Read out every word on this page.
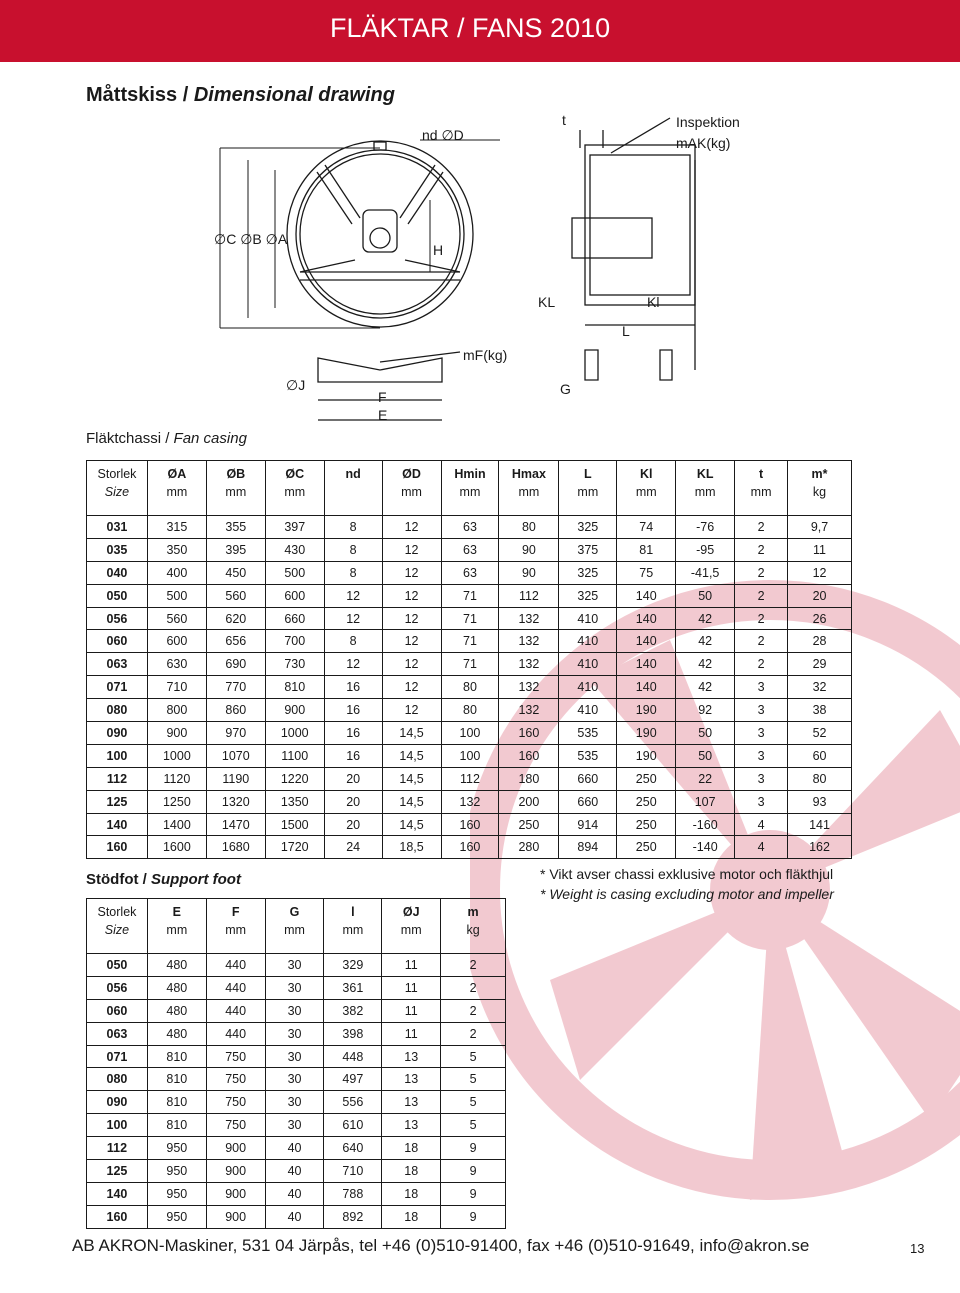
FLÄKTAR / FANS 2010
Måttskiss / Dimensional drawing
nd ∅D
t	Inspektion
mAK(kg)
∅C ∅B ∅A
H
KL	Kl
L
mF(kg)
∅J	G
F
E
Fläktchassi / Fan casing
Storlek	ØA	ØB	ØC	nd	ØD	Hmin	Hmax	L	Kl	KL	t	m*
Size	mm	mm	mm		mm	mm	mm	mm	mm	mm	mm	kg

031	315	355	397	8	12	63	80	325	74	-76	2	9,7
035	350	395	430	8	12	63	90	375	81	-95	2	11
040	400	450	500	8	12	63	90	325	75	-41,5	2	12
050	500	560	600	12	12	71	112	325	140	50	2	20
056	560	620	660	12	12	71	132	410	140	42	2	26
060	600	656	700	8	12	71	132	410	140	42	2	28
063	630	690	730	12	12	71	132	410	140	42	2	29
071	710	770	810	16	12	80	132	410	140	42	3	32
080	800	860	900	16	12	80	132	410	190	92	3	38
090	900	970	1000	16	14,5	100	160	535	190	50	3	52
100	1000	1070	1100	16	14,5	100	160	535	190	50	3	60
112	1120	1190	1220	20	14,5	112	180	660	250	22	3	80
125	1250	1320	1350	20	14,5	132	200	660	250	107	3	93
140	1400	1470	1500	20	14,5	160	250	914	250	-160	4	141
160	1600	1680	1720	24	18,5	160	280	894	250	-140	4	162
Stödfot / Support foot	* Vikt avser chassi exklusive motor och fläkthjul
* Weight is casing excluding motor and impeller
Storlek	E	F	G	l	ØJ	m
Size	mm	mm	mm	mm	mm	kg

050	480	440	30	329	11	2
056	480	440	30	361	11	2
060	480	440	30	382	11	2
063	480	440	30	398	11	2
071	810	750	30	448	13	5
080	810	750	30	497	13	5
090	810	750	30	556	13	5
100	810	750	30	610	13	5
112	950	900	40	640	18	9
125	950	900	40	710	18	9
140	950	900	40	788	18	9
160	950	900	40	892	18	9
AB AKRON-Maskiner, 531 04 Järpås, tel +46 (0)510-91400, fax +46 (0)510-91649, info@akron.se	13
